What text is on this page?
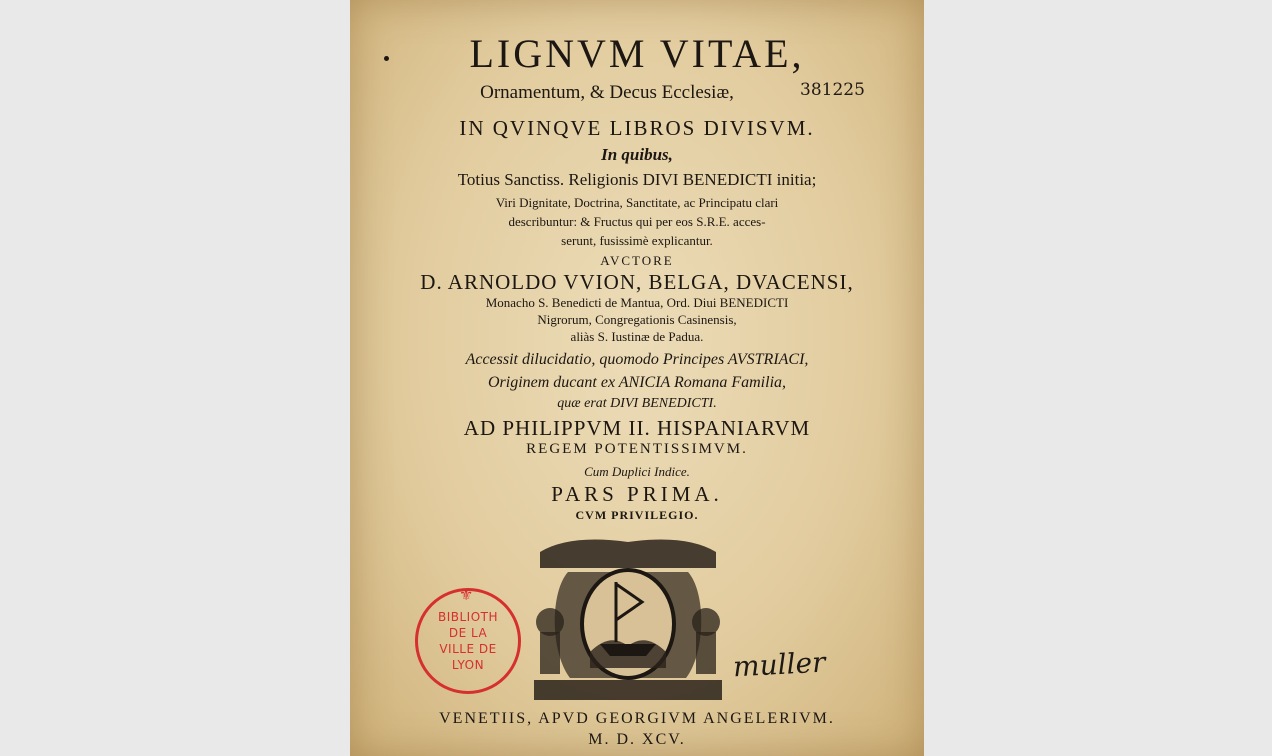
LIGNVM VITAE,
Ornamentum, & Decus Ecclesiæ,	381225
IN QVINQVE LIBROS DIVISVM.
In quibus,
Totius Sanctiss. Religionis DIVI BENEDICTI initia;
Viri Dignitate, Doctrina, Sanctitate, ac Principatu clari
describuntur: & Fructus qui per eos S.R.E. acces-
serunt, fusissimè explicantur.
AVCTORE
D. ARNOLDO VVION, BELGA, DVACENSI,
Monacho S. Benedicti de Mantua, Ord. Diui BENEDICTI
Nigrorum, Congregationis Casinensis,
aliàs S. Iustinæ de Padua.
Accessit dilucidatio, quomodo Principes AVSTRIACI,
Originem ducant ex ANICIA Romana Familia,
quæ erat DIVI BENEDICTI.
AD PHILIPPVM II. HISPANIARVM
REGEM POTENTISSIMVM.
Cum Duplici Indice.
PARS PRIMA.
CVM PRIVILEGIO.
⚜
BIBLIOTH
DE LA
VILLE DE
LYON	muller
VENETIIS, APVD GEORGIVM ANGELERIVM.
M. D. XCV.
